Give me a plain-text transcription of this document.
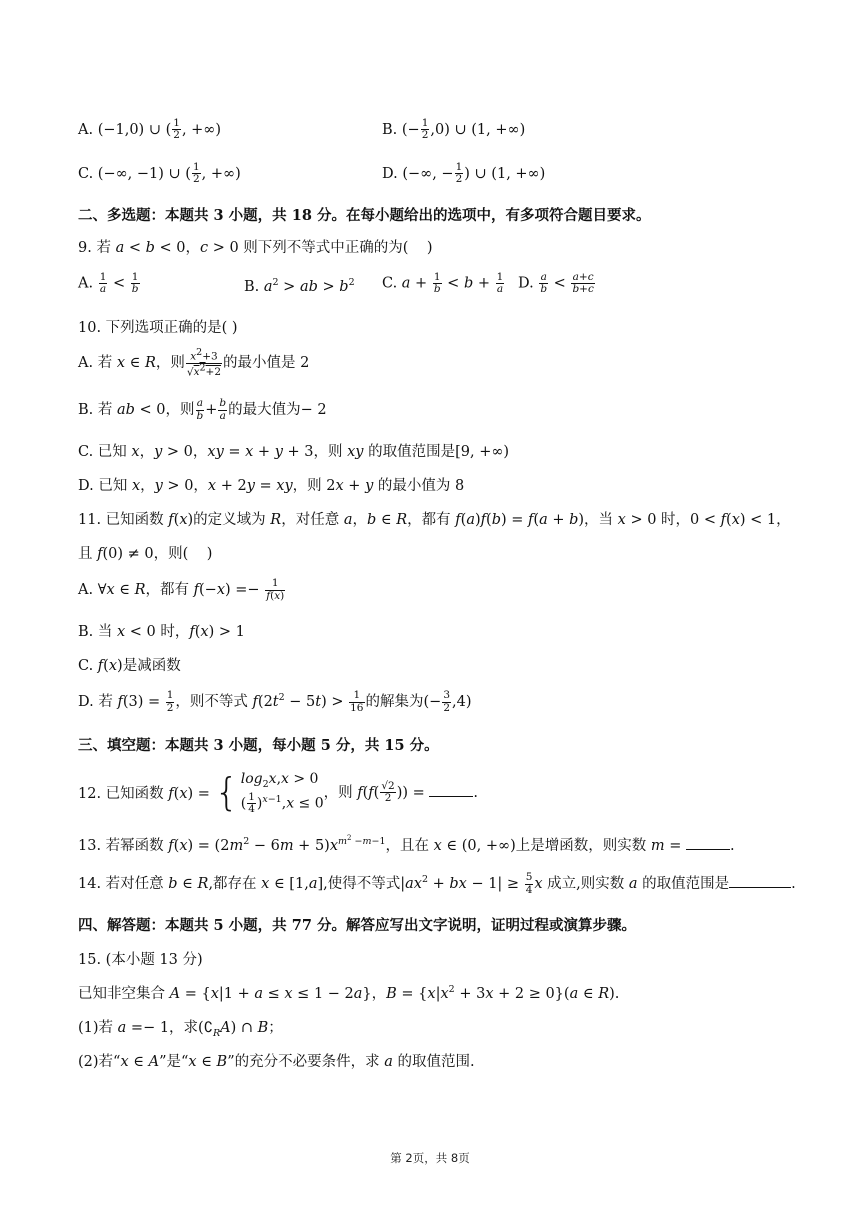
A. (−1,0) ∪ ( $\frac{1}{2}$ , +∞)	B. (− $\frac{1}{2} ,0$) ∪ (1, +∞)
C. (−∞, −1) ∪ ( $\frac{1}{2}$ , +∞)	D. (−∞, − $\frac{1}{2}$ ) ∪ (1, +∞)
二、多选题：本题共 3 小题，共 18 分。在每小题给出的选项中，有多项符合题目要求。
9. 若 a < b < 0，c > 0 则下列不等式中正确的为(    )
A. $\frac{1}{a} < \frac{1}{b}$	B. $a^2$ > ab > $b^2$ C. $a + \frac{1}{b} < b + \frac{1}{a} D$. $\frac{a}{b} < \frac{a+c}{b+c}$
10. 下列选项正确的是( )
A. 若 x ∈ R，则 $\frac{x^2+3}{√x^2+2}$ 的最小值是 2
B. 若 ab < 0，则 $\frac{a}{b} + \frac{b}{a}$ 的最大值为− 2
C. 已知 x，y > 0，xy = x + y + 3，则 xy 的取值范围是[9, +∞)
D. 已知 x，y > 0，x + 2y = xy，则 2x + y 的最小值为 8
11. 已知函数 f(x)的定义域为 R，对任意 a，b ∈ R，都有 f(a)f(b) = f(a + b)，当 x > 0 时，0 < f(x) < 1，
且 f(0) ≠ 0，则(    )
A. ∀x ∈ R，都有 $f(-x) =- \frac{1}{f(x)}$
B. 当 x < 0 时，f(x) > 1
C. f(x)是减函数
D. 若 $f(3) = \frac{1}{2}$ ，则不等式 $f(2t^2 - 5t) > \frac{1}{16}$ 的解集为(− $\frac{3}{2} ,4$)
三、填空题：本题共 3 小题，每小题 5 分，共 15 分。
12. 已知函数 f(x) = { $\log_2x,x > 0$
( $\frac{1}{4} )^{x-1},x \le 0$
，则 $f(f( \frac{√2}{2}$ )) =	.
13. 若幂函数 $f(x) = (2m^2 - 6m + 5)x^{m^2 -m-1}$，且在 x ∈ (0, +∞)上是增函数，则实数 m =	.
14. 若对任意 b ∈ R,都存在 x ∈ [1,a],使得不等式$|ax^2$ + bx − $1| \ge \frac{5}{4}$ x 成立,则实数 a 的取值范围是	.
四、解答题：本题共 5 小题，共 77 分。解答应写出文字说明，证明过程或演算步骤。
15. (本小题 13 分)
已知非空集合 A = {x|1 + a ≤ x ≤ 1 − 2a}，$B = \{x|x^2 + 3x + 2 \ge 0\}(a$ ∈ R).
(1)若 a =− 1，求$(∁_RA)$ ∩ B；
(2)若“x ∈ A”是“x ∈ B”的充分不必要条件，求 a 的取值范围.
第 2页，共 8页
